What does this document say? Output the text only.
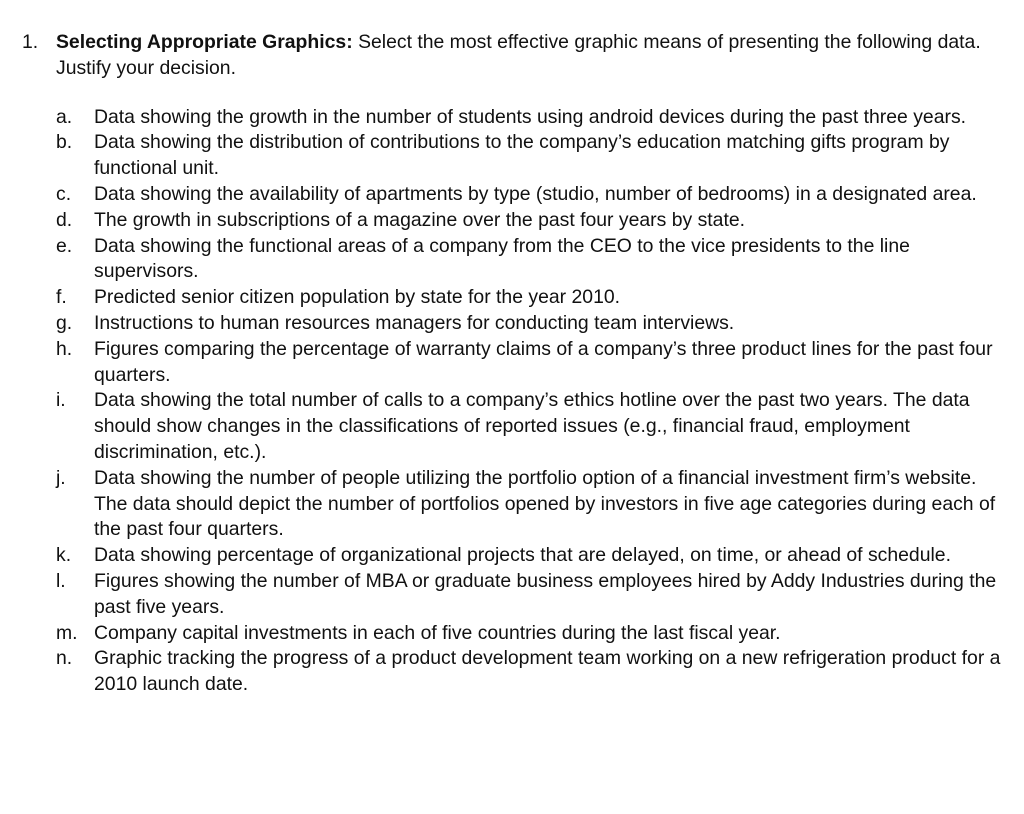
1. Selecting Appropriate Graphics: Select the most effective graphic means of presenting the following data. Justify your decision.
a.	Data showing the growth in the number of students using android devices during the past three years.
b.	Data showing the distribution of contributions to the company’s education matching gifts program by functional unit.
c.	Data showing the availability of apartments by type (studio, number of bedrooms) in a designated area.
d.	The growth in subscriptions of a magazine over the past four years by state.
e.	Data showing the functional areas of a company from the CEO to the vice presidents to the line supervisors.
f.	Predicted senior citizen population by state for the year 2010.
g.	Instructions to human resources managers for conducting team interviews.
h.	Figures comparing the percentage of warranty claims of a company’s three product lines for the past four quarters.
i.	Data showing the total number of calls to a company’s ethics hotline over the past two years. The data should show changes in the classifications of reported issues (e.g., financial fraud, employment discrimination, etc.).
j.	Data showing the number of people utilizing the portfolio option of a financial investment firm’s website. The data should depict the number of portfolios opened by investors in five age categories during each of the past four quarters.
k.	Data showing percentage of organizational projects that are delayed, on time, or ahead of schedule.
l.	Figures showing the number of MBA or graduate business employees hired by Addy Industries during the past five years.
m. Company capital investments in each of five countries during the last fiscal year.
n.	Graphic tracking the progress of a product development team working on a new refrigeration product for a 2010 launch date.
